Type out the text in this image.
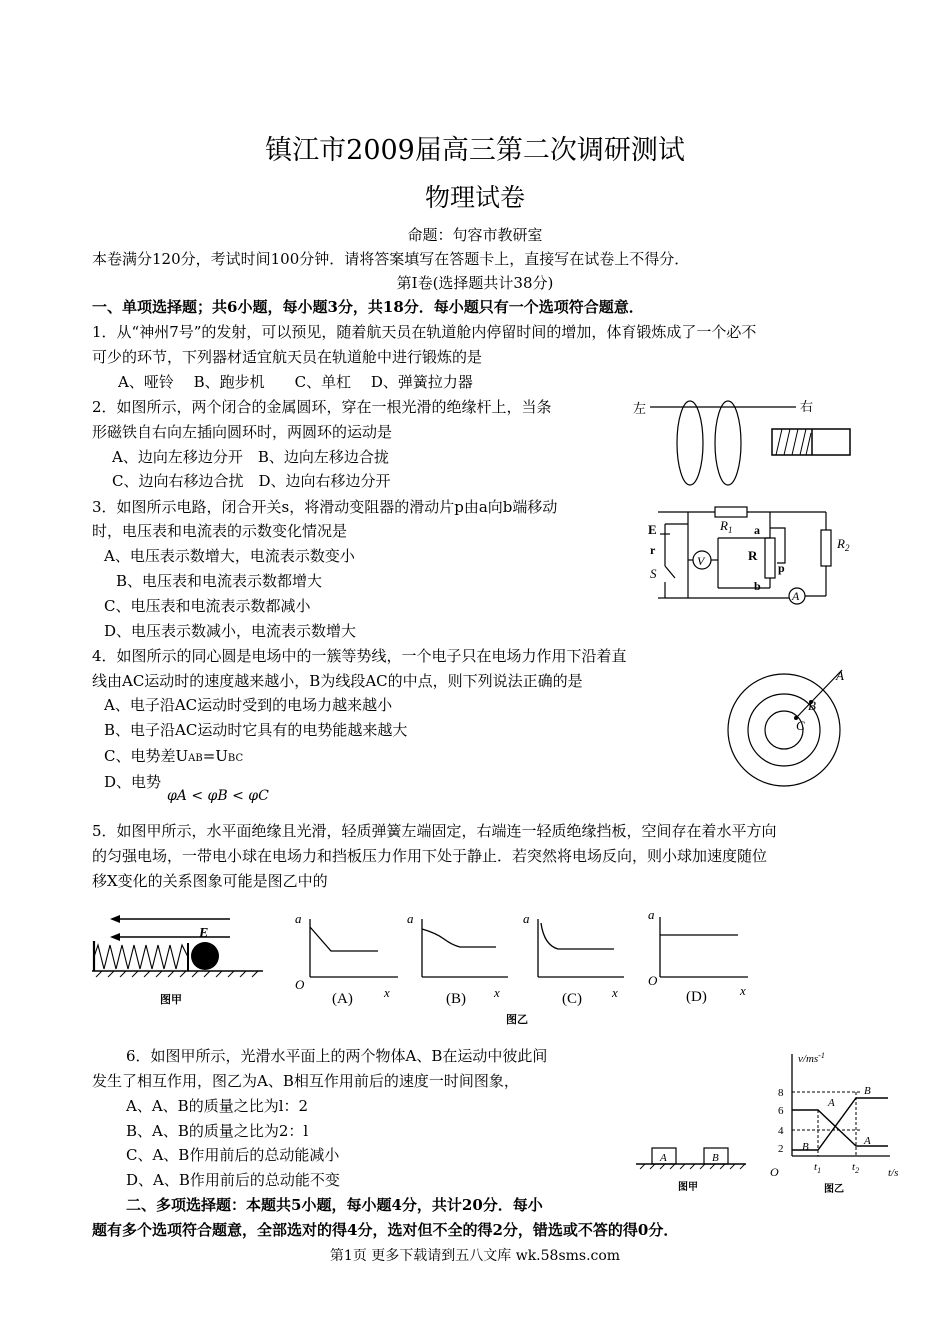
镇江市2009届高三第二次调研测试
物理试卷
命题：句容市教研室
本卷满分120分，考试时间100分钟．请将答案填写在答题卡上，直接写在试卷上不得分．
第Ⅰ卷(选择题共计38分)
一、单项选择题；共6小题，每小题3分，共18分．每小题只有一个选项符合题意．
1．从“神州7号”的发射，可以预见，随着航天员在轨道舱内停留时间的增加，体育锻炼成了一个必不
可少的环节，下列器材适宜航天员在轨道舱中进行锻炼的是
A、哑铃　 B、跑步机　　C、单杠　 D、弹簧拉力器
2．如图所示，两个闭合的金属圆环，穿在一根光滑的绝缘杆上，当条
形磁铁自右向左插向圆环时，两圆环的运动是
A、边向左移边分开　B、边向左移边合拢
C、边向右移边合扰　D、边向右移边分开
左	右
3．如图所示电路，闭合开关s，将滑动变阻器的滑动片p由a向b端移动
时，电压表和电流表的示数变化情况是
A、电压表示数增大，电流表示数变小
B、电压表和电流表示数都增大
C、电压表和电流表示数都减小
D、电压表示数减小，电流表示数增大
E
r
S
V
$R_1$ a
R
p
b
$R_2$
A
4．如图所示的同心圆是电场中的一簇等势线，一个电子只在电场力作用下沿着直
线由AC运动时的速度越来越小，B为线段AC的中点，则下列说法正确的是
A、电子沿AC运动时受到的电场力越来越小
B、电子沿AC运动时它具有的电势能越来越大
C、电势差UAB=UBC
D、电势
φA < φB < φC
A
B
C
5．如图甲所示，水平面绝缘且光滑，轻质弹簧左端固定，右端连一轻质绝缘挡板，空间存在着水平方向
的匀强电场，一带电小球在电场力和挡板压力作用下处于静止．若突然将电场反向，则小球加速度随位
移X变化的关系图象可能是图乙中的
E
图甲
a
O
x
(A)
a
x
(B)
a
x
(C)
a
O
x
(D)
图乙
6．如图甲所示，光滑水平面上的两个物体A、B在运动中彼此间
发生了相互作用，图乙为A、B相互作用前后的速度一时间图象，
A、A、B的质量之比为l：2
B、A、B的质量之比为2：l
C、A、B作用前后的总动能减小
D、A、B作用前后的总动能不变
A	B
图甲
$v/ms^{-1}$
8
6
4
2
O
A
B
B
A
$t_1$	$t_2$	t/s
图乙
二、多项选择题：本题共5小题，每小题4分，共计20分．每小
题有多个选项符合题意，全部选对的得4分，选对但不全的得2分，错选或不答的得0分．
第1页 更多下载请到五八文库 wk.58sms.com
